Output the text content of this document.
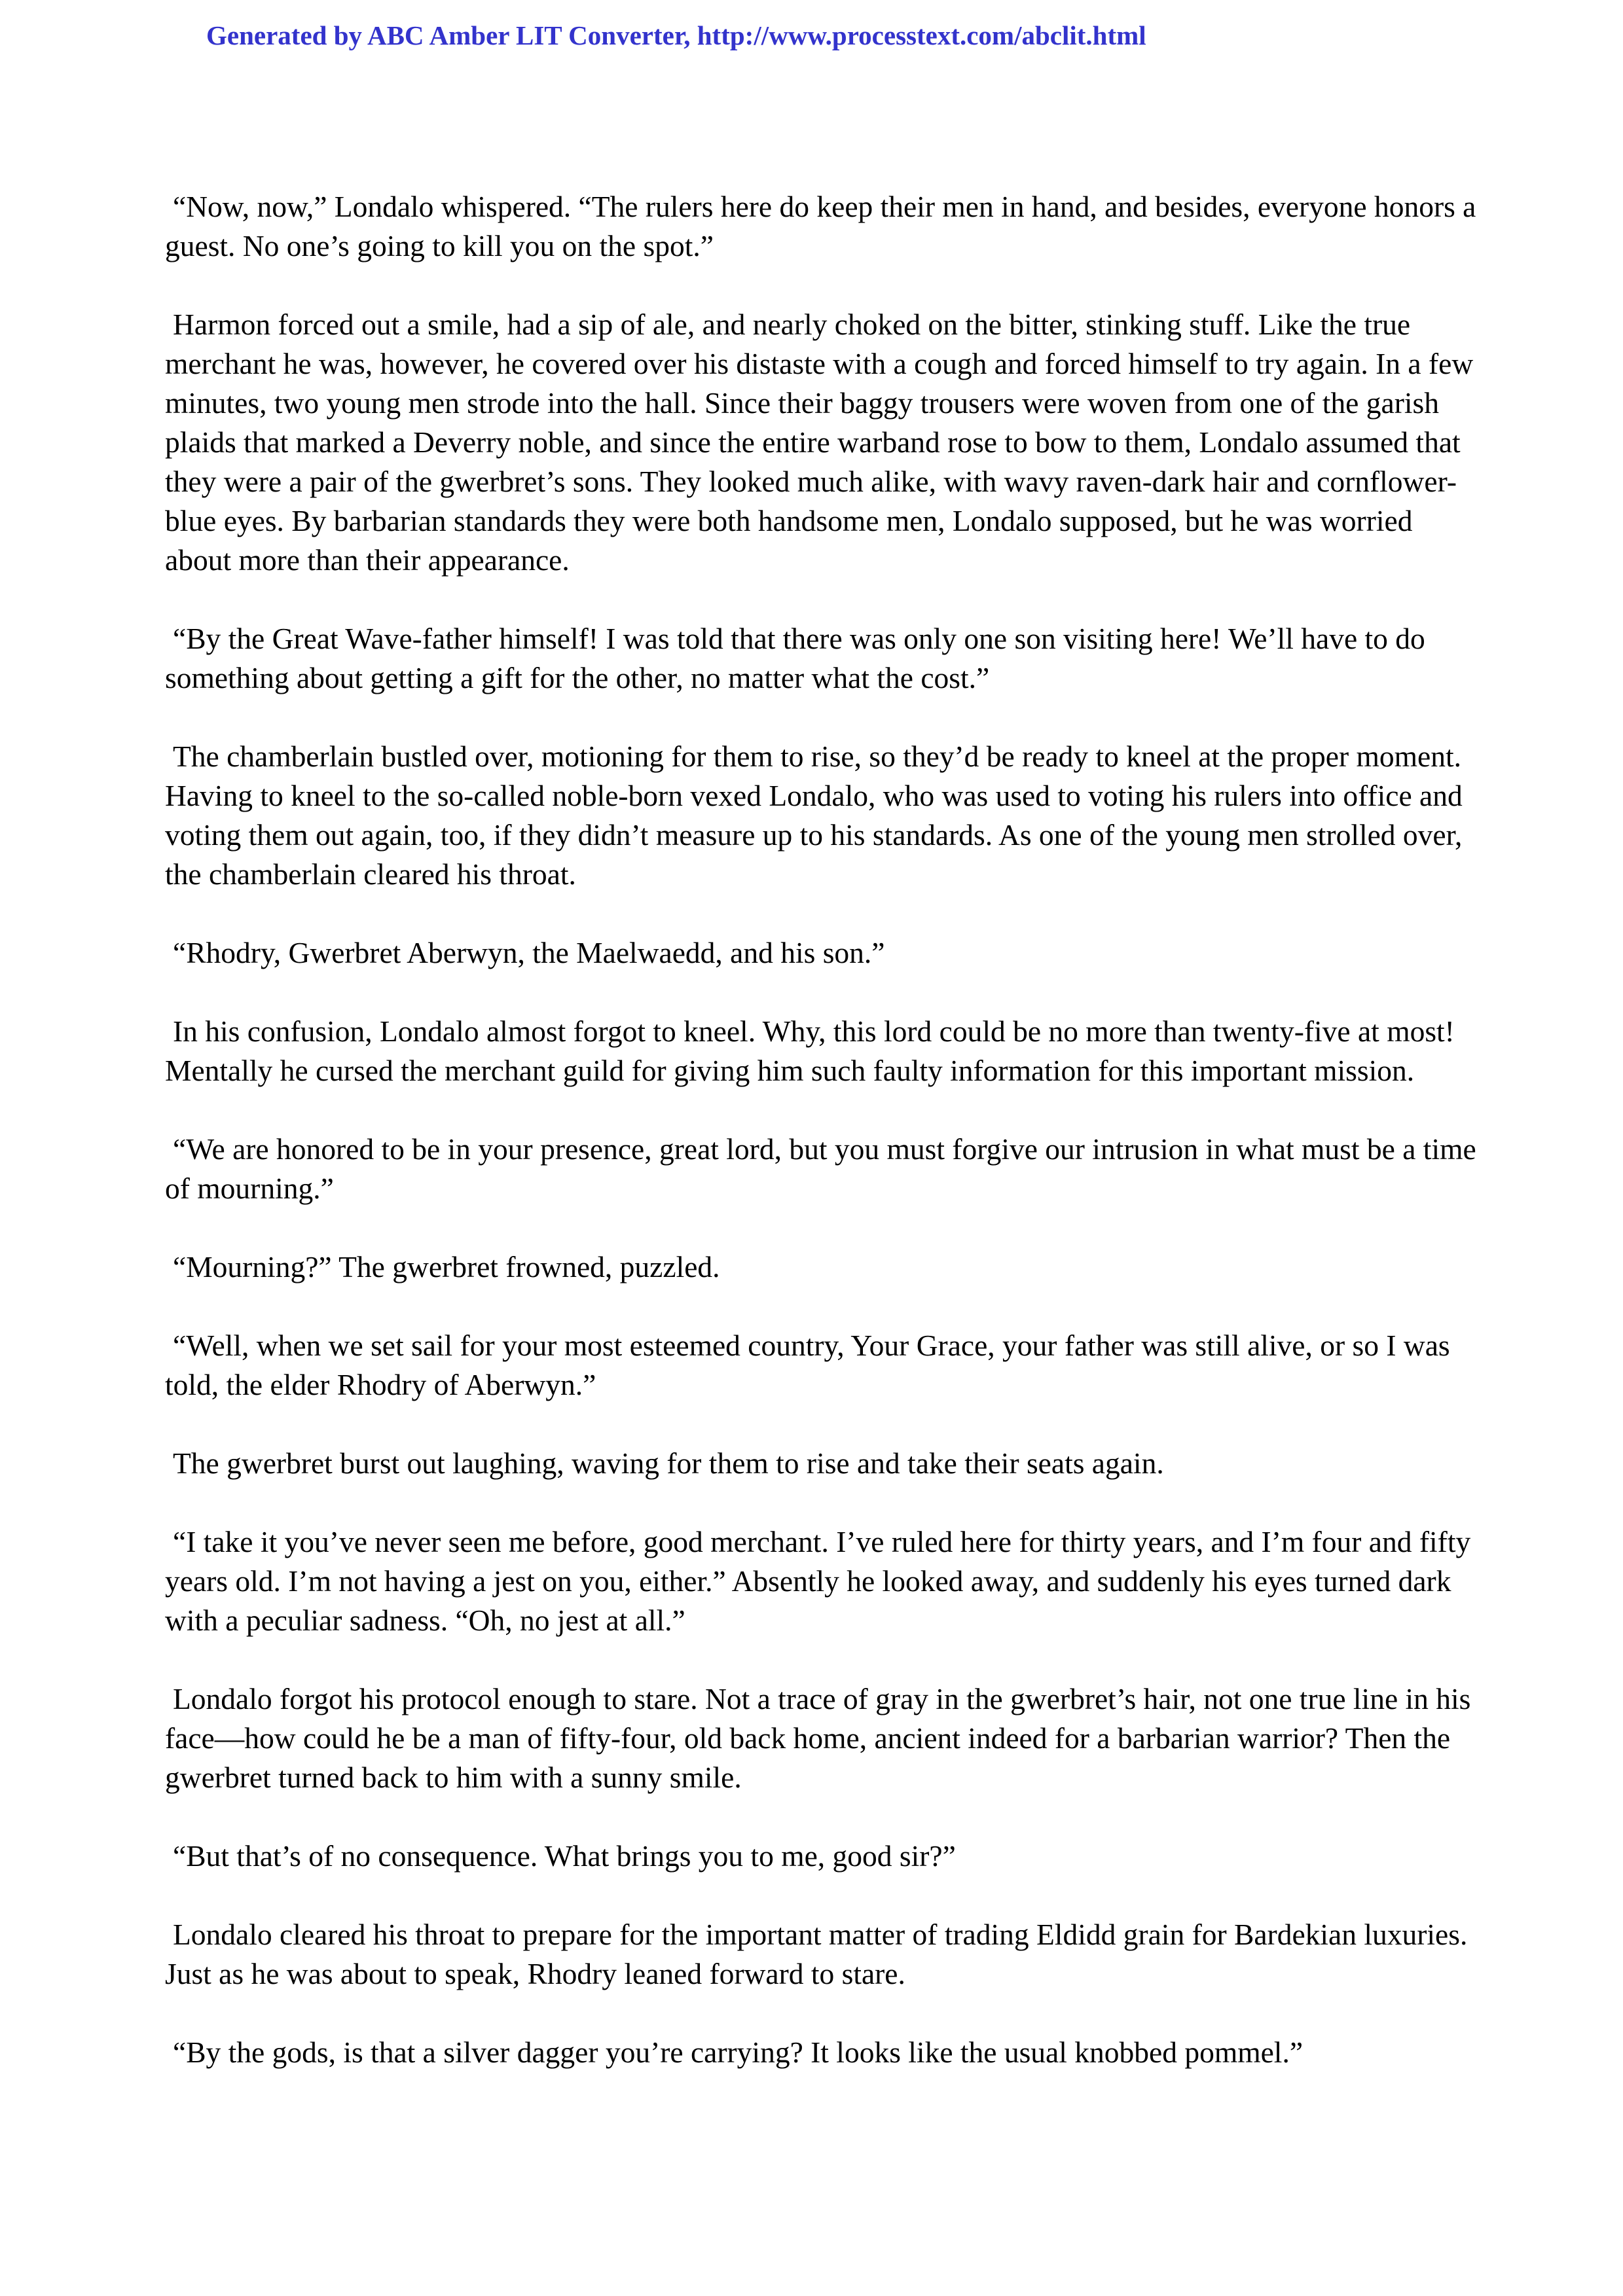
Generated by ABC Amber LIT Converter, http://www.processtext.com/abclit.html

“Now, now,” Londalo whispered. “The rulers here do keep their men in hand, and besides, everyone honors a guest. No one’s going to kill you on the spot.”

Harmon forced out a smile, had a sip of ale, and nearly choked on the bitter, stinking stuff. Like the true merchant he was, however, he covered over his distaste with a cough and forced himself to try again. In a few minutes, two young men strode into the hall. Since their baggy trousers were woven from one of the garish plaids that marked a Deverry noble, and since the entire warband rose to bow to them, Londalo assumed that they were a pair of the gwerbret’s sons. They looked much alike, with wavy raven-dark hair and cornflower-blue eyes. By barbarian standards they were both handsome men, Londalo supposed, but he was worried about more than their appearance.

“By the Great Wave-father himself! I was told that there was only one son visiting here! We’ll have to do something about getting a gift for the other, no matter what the cost.”

The chamberlain bustled over, motioning for them to rise, so they’d be ready to kneel at the proper moment. Having to kneel to the so-called noble-born vexed Londalo, who was used to voting his rulers into office and voting them out again, too, if they didn’t measure up to his standards. As one of the young men strolled over, the chamberlain cleared his throat.

“Rhodry, Gwerbret Aberwyn, the Maelwaedd, and his son.”

In his confusion, Londalo almost forgot to kneel. Why, this lord could be no more than twenty-five at most! Mentally he cursed the merchant guild for giving him such faulty information for this important mission.

“We are honored to be in your presence, great lord, but you must forgive our intrusion in what must be a time of mourning.”

“Mourning?” The gwerbret frowned, puzzled.

“Well, when we set sail for your most esteemed country, Your Grace, your father was still alive, or so I was told, the elder Rhodry of Aberwyn.”

The gwerbret burst out laughing, waving for them to rise and take their seats again.

“I take it you’ve never seen me before, good merchant. I’ve ruled here for thirty years, and I’m four and fifty years old. I’m not having a jest on you, either.” Absently he looked away, and suddenly his eyes turned dark with a peculiar sadness. “Oh, no jest at all.”

Londalo forgot his protocol enough to stare. Not a trace of gray in the gwerbret’s hair, not one true line in his face—how could he be a man of fifty-four, old back home, ancient indeed for a barbarian warrior? Then the gwerbret turned back to him with a sunny smile.

“But that’s of no consequence. What brings you to me, good sir?”

Londalo cleared his throat to prepare for the important matter of trading Eldidd grain for Bardekian luxuries. Just as he was about to speak, Rhodry leaned forward to stare.

“By the gods, is that a silver dagger you’re carrying? It looks like the usual knobbed pommel.”
